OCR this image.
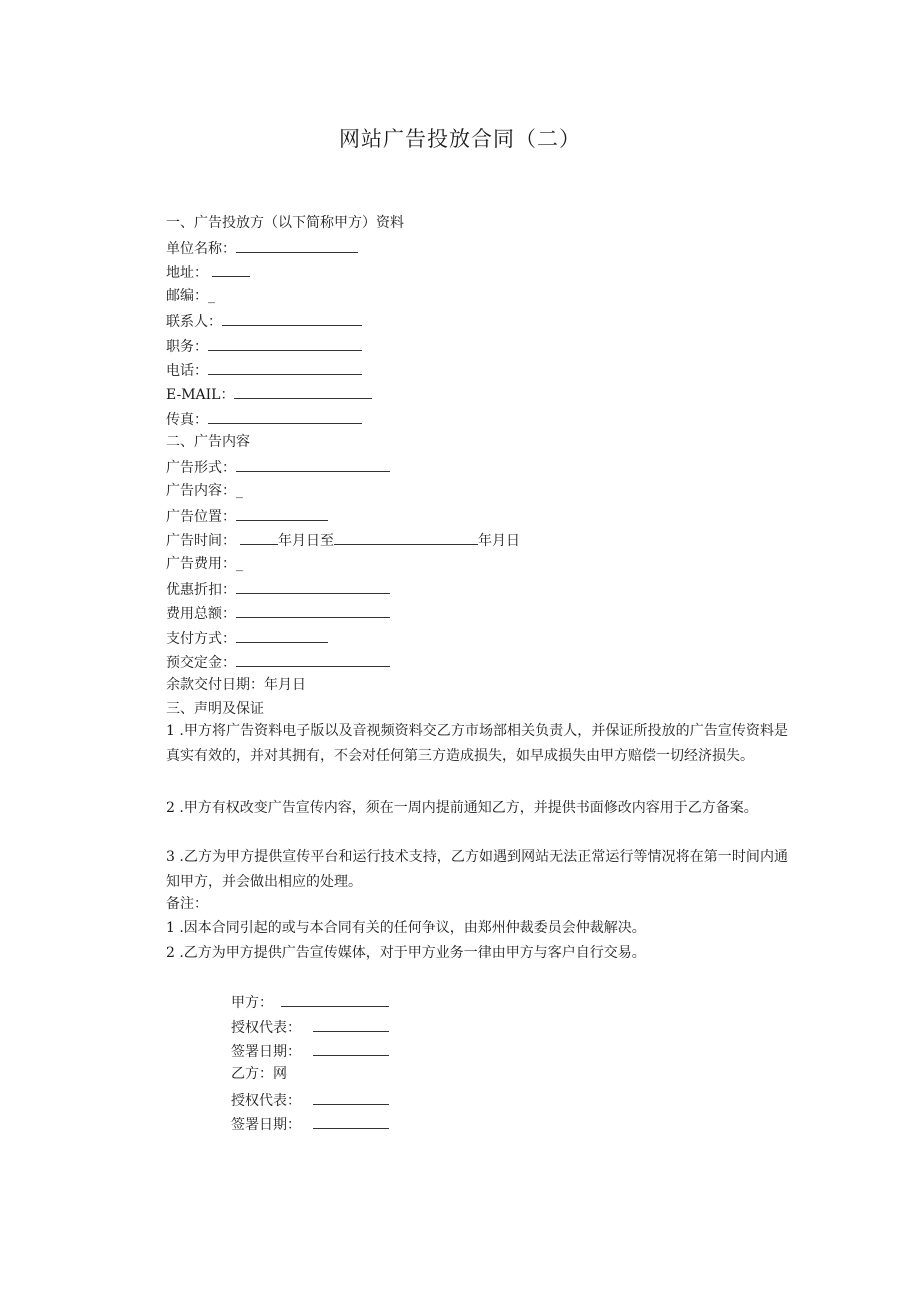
网站广告投放合同（二）
一、广告投放方（以下简称甲方）资料
单位名称：
地址：
邮编：_
联系人：
职务：
电话：
E-MAIL：
传真：
二、广告内容
广告形式：
广告内容：_
广告位置：
广告时间：	年月日至	年月日
广告费用：_
优惠折扣：
费用总额：
支付方式：
预交定金：
余款交付日期：年月日
三、声明及保证
1 .甲方将广告资料电子版以及音视频资料交乙方市场部相关负责人，并保证所投放的广告宣传资料是真实有效的，并对其拥有，不会对任何第三方造成损失，如早成损失由甲方赔偿一切经济损失。
2 .甲方有权改变广告宣传内容，须在一周内提前通知乙方，并提供书面修改内容用于乙方备案。
3 .乙方为甲方提供宣传平台和运行技术支持，乙方如遇到网站无法正常运行等情况将在第一时间内通知甲方，并会做出相应的处理。
备注：
1 .因本合同引起的或与本合同有关的任何争议，由郑州仲裁委员会仲裁解决。
2 .乙方为甲方提供广告宣传媒体，对于甲方业务一律由甲方与客户自行交易。
甲方：
授权代表：
签署日期：
乙方：网
授权代表：
签署日期：
